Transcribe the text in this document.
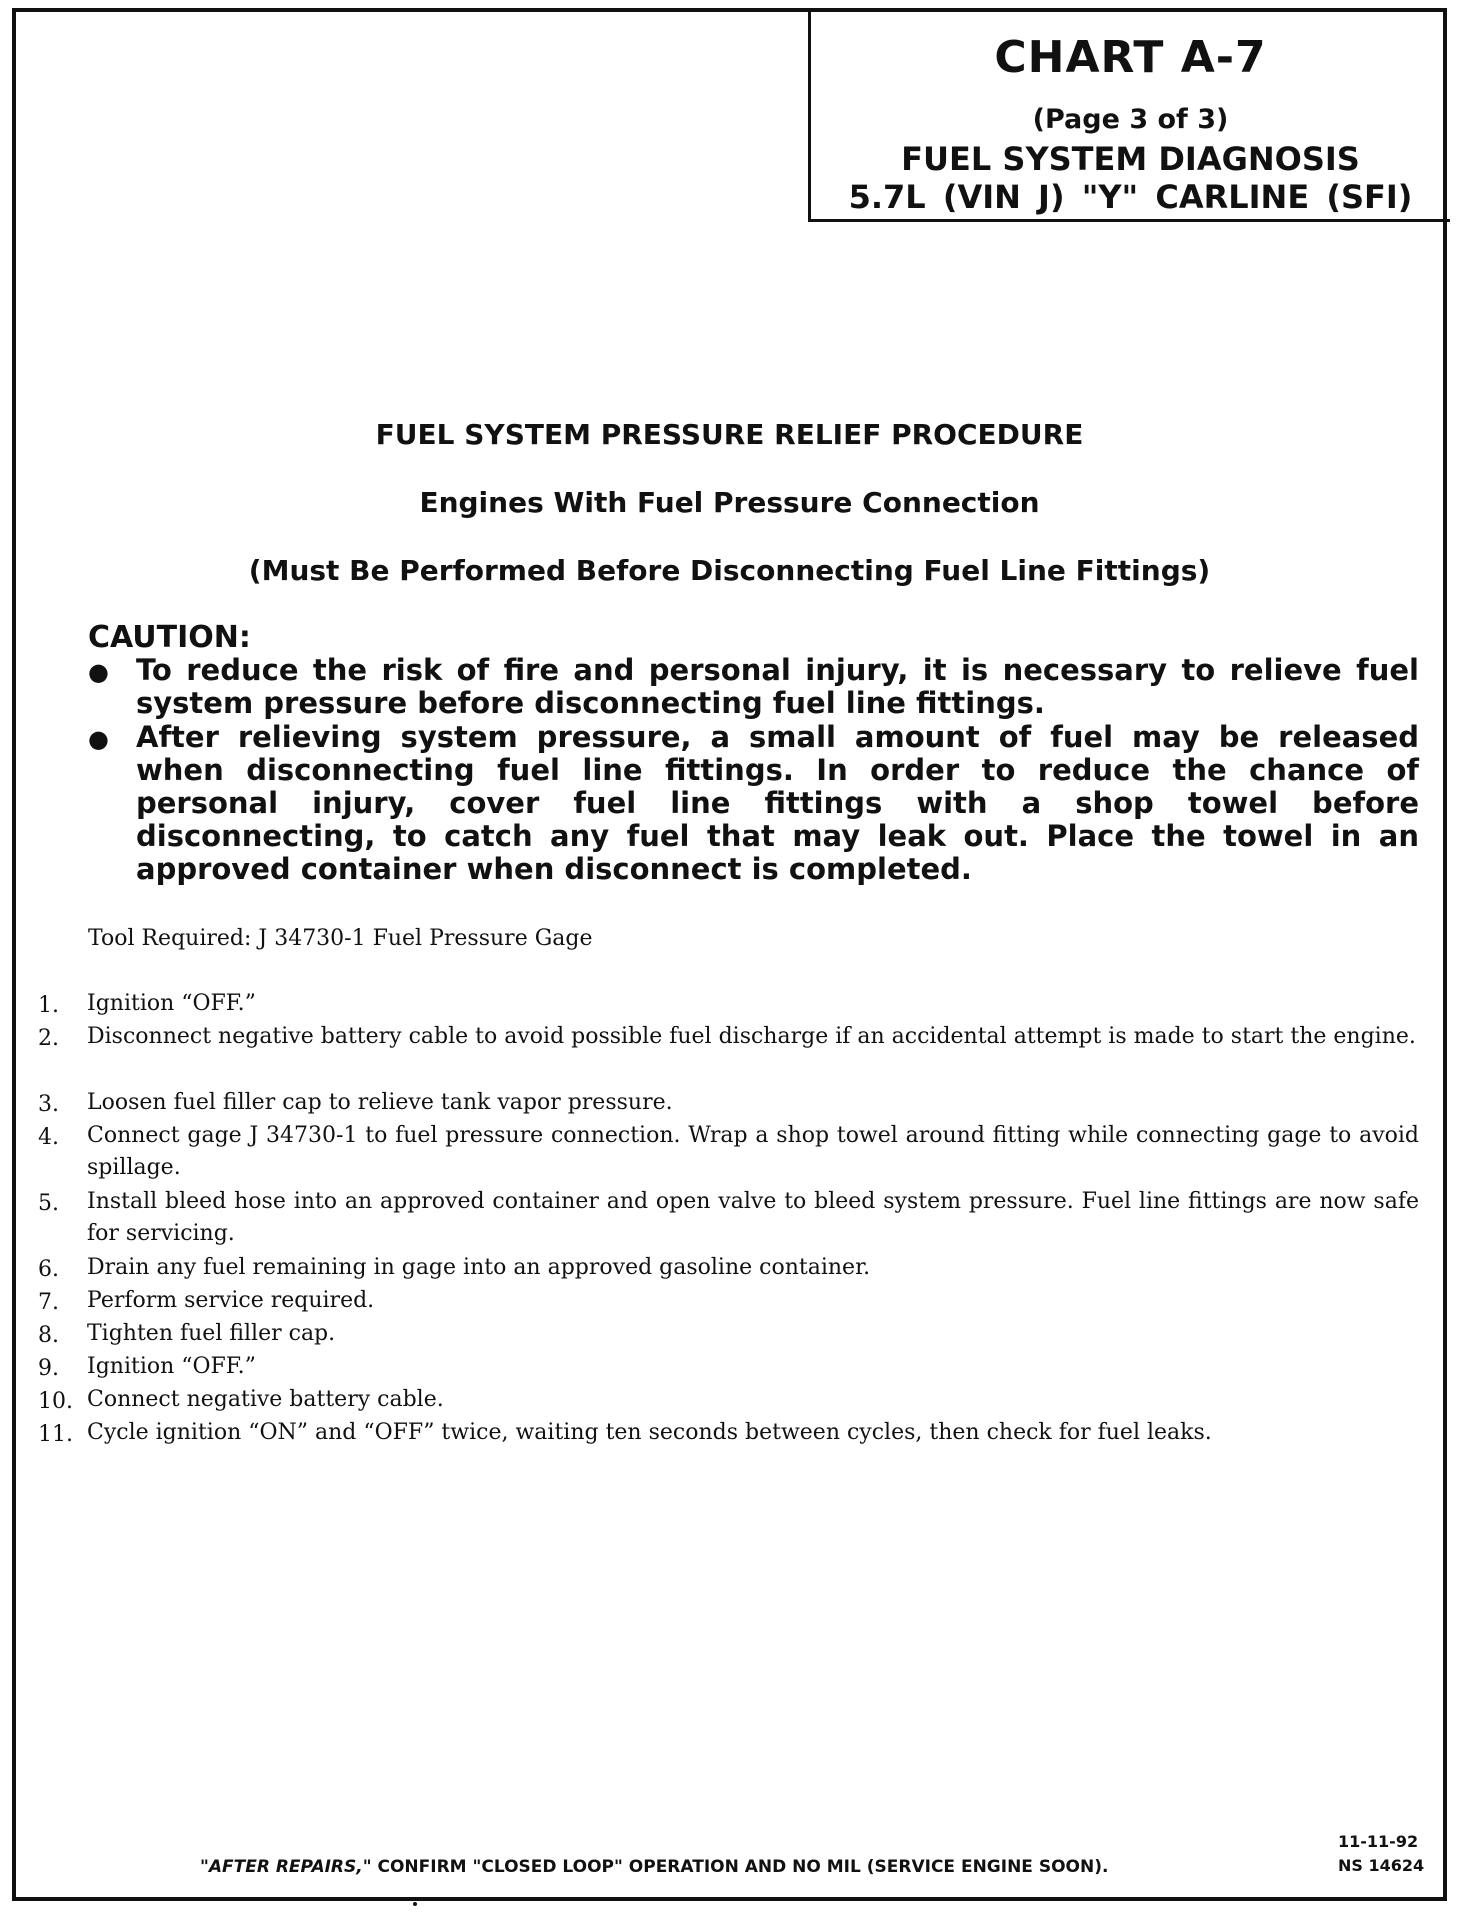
CHART A-7
(Page 3 of 3)
FUEL SYSTEM DIAGNOSIS
5.7L (VIN J) "Y" CARLINE (SFI)
FUEL SYSTEM PRESSURE RELIEF PROCEDURE
Engines With Fuel Pressure Connection
(Must Be Performed Before Disconnecting Fuel Line Fittings)
CAUTION:
● To reduce the risk of fire and personal injury, it is necessary to relieve fuel system pressure before disconnecting fuel line fittings.
● After relieving system pressure, a small amount of fuel may be released when disconnecting fuel line fittings. In order to reduce the chance of personal injury, cover fuel line fittings with a shop towel before disconnecting, to catch any fuel that may leak out. Place the towel in an approved container when disconnect is completed.
Tool Required: J 34730-1 Fuel Pressure Gage
1.	Ignition “OFF.”
2.	Disconnect negative battery cable to avoid possible fuel discharge if an accidental attempt is made to start the engine.
3.	Loosen fuel filler cap to relieve tank vapor pressure.
4.	Connect gage J 34730-1 to fuel pressure connection. Wrap a shop towel around fitting while connecting gage to avoid spillage.
5.	Install bleed hose into an approved container and open valve to bleed system pressure. Fuel line fittings are now safe for servicing.
6.	Drain any fuel remaining in gage into an approved gasoline container.
7.	Perform service required.
8.	Tighten fuel filler cap.
9.	Ignition “OFF.”
10. Connect negative battery cable.
11. Cycle ignition “ON” and “OFF” twice, waiting ten seconds between cycles, then check for fuel leaks.
"AFTER REPAIRS," CONFIRM "CLOSED LOOP" OPERATION AND NO MIL (SERVICE ENGINE SOON).
11-11-92
NS 14624
